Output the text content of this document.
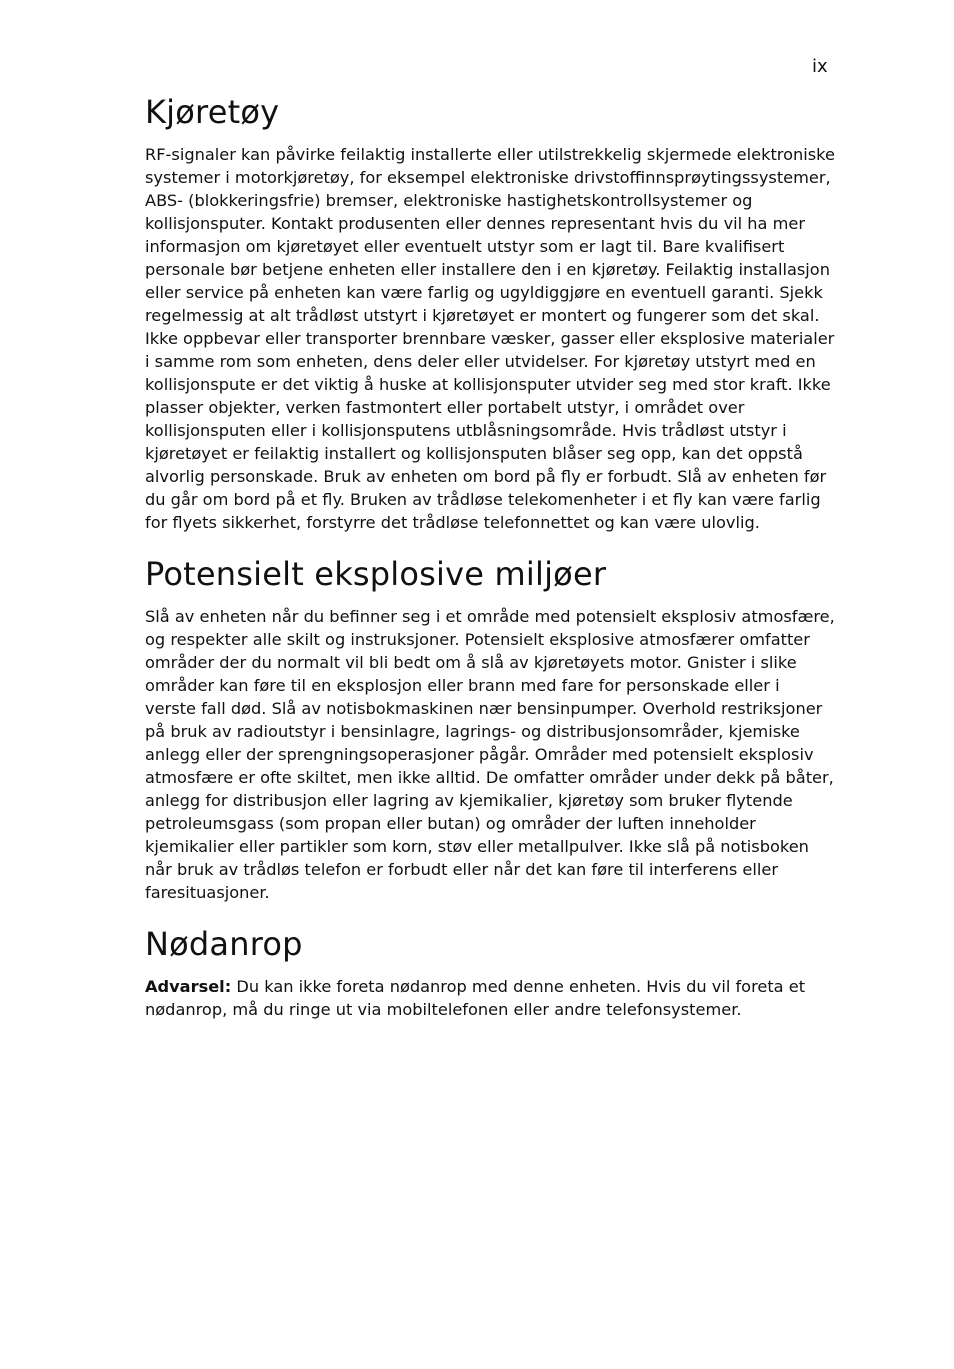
ix
Kjøretøy

RF-signaler kan påvirke feilaktig installerte eller utilstrekkelig skjermede elektroniske systemer i motorkjøretøy, for eksempel elektroniske drivstoffinnsprøytingssystemer, ABS- (blokkeringsfrie) bremser, elektroniske hastighetskontrollsystemer og kollisjonsputer. Kontakt produsenten eller dennes representant hvis du vil ha mer informasjon om kjøretøyet eller eventuelt utstyr som er lagt til. Bare kvalifisert personale bør betjene enheten eller installere den i en kjøretøy. Feilaktig installasjon eller service på enheten kan være farlig og ugyldiggjøre en eventuell garanti. Sjekk regelmessig at alt trådløst utstyrt i kjøretøyet er montert og fungerer som det skal. Ikke oppbevar eller transporter brennbare væsker, gasser eller eksplosive materialer i samme rom som enheten, dens deler eller utvidelser. For kjøretøy utstyrt med en kollisjonspute er det viktig å huske at kollisjonsputer utvider seg med stor kraft. Ikke plasser objekter, verken fastmontert eller portabelt utstyr, i området over kollisjonsputen eller i kollisjonsputens utblåsningsområde. Hvis trådløst utstyr i kjøretøyet er feilaktig installert og kollisjonsputen blåser seg opp, kan det oppstå alvorlig personskade. Bruk av enheten om bord på fly er forbudt. Slå av enheten før du går om bord på et fly. Bruken av trådløse telekomenheter i et fly kan være farlig for flyets sikkerhet, forstyrre det trådløse telefonnettet og kan være ulovlig.

Potensielt eksplosive miljøer

Slå av enheten når du befinner seg i et område med potensielt eksplosiv atmosfære, og respekter alle skilt og instruksjoner. Potensielt eksplosive atmosfærer omfatter områder der du normalt vil bli bedt om å slå av kjøretøyets motor. Gnister i slike områder kan føre til en eksplosjon eller brann med fare for personskade eller i verste fall død. Slå av notisbokmaskinen nær bensinpumper. Overhold restriksjoner på bruk av radioutstyr i bensinlagre, lagrings- og distribusjonsområder, kjemiske anlegg eller der sprengningsoperasjoner pågår. Områder med potensielt eksplosiv atmosfære er ofte skiltet, men ikke alltid. De omfatter områder under dekk på båter, anlegg for distribusjon eller lagring av kjemikalier, kjøretøy som bruker flytende petroleumsgass (som propan eller butan) og områder der luften inneholder kjemikalier eller partikler som korn, støv eller metallpulver. Ikke slå på notisboken når bruk av trådløs telefon er forbudt eller når det kan føre til interferens eller faresituasjoner.

Nødanrop

Advarsel: Du kan ikke foreta nødanrop med denne enheten. Hvis du vil foreta et nødanrop, må du ringe ut via mobiltelefonen eller andre telefonsystemer.
